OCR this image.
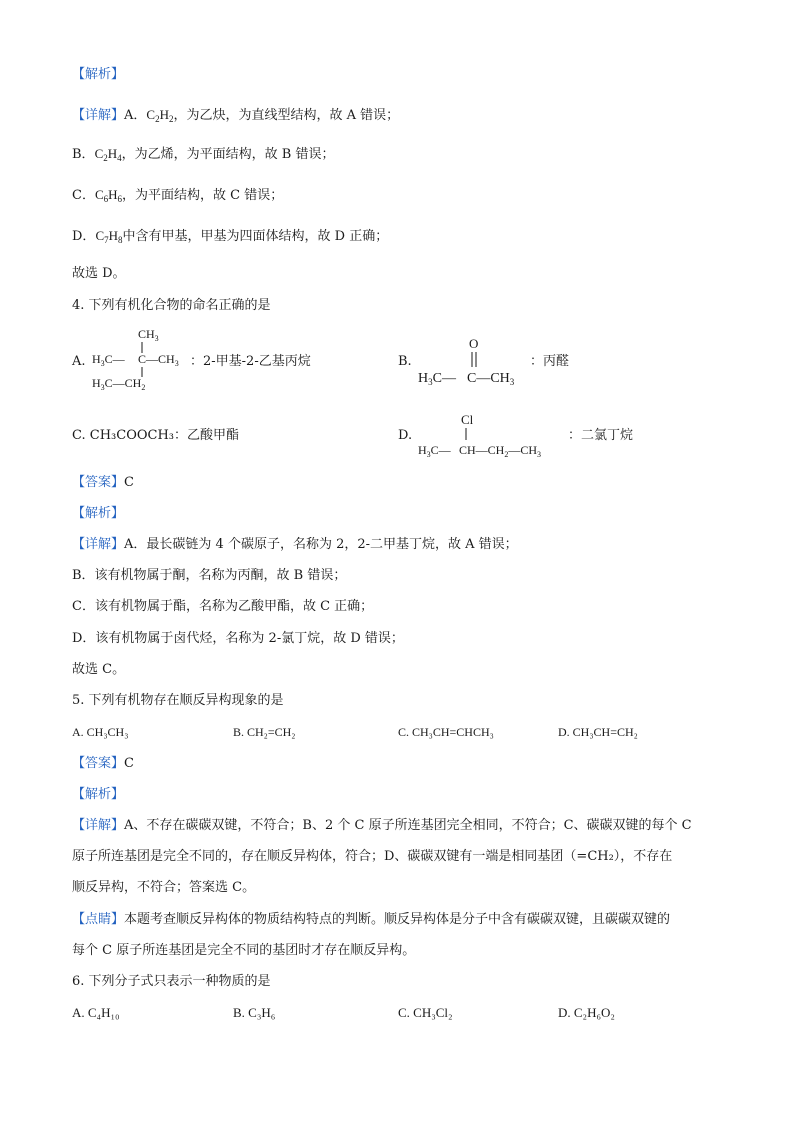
【解析】
【详解】A．$C_2H_2$，为乙炔，为直线型结构，故 A 错误；
B．$C_2H_4$，为乙烯，为平面结构，故 B 错误；
C．$C_6H_6$，为平面结构，故 C 错误；
D．$C_7H_8$中含有甲基，甲基为四面体结构，故 D 正确；
故选 D。
4. 下列有机化合物的命名正确的是
A.
$CH_3$
$H_3C—$ $C—CH_3$
$H_3C—CH_2$
：2-甲基-2-乙基丙烷	B.
O
$H_3C—$ $C—CH_3$
：丙醛
C. CH₃COOCH₃：乙酸甲酯	D.
Cl
$H_3C—$ $CH—CH_2—CH_3$
：二氯丁烷
【答案】C
【解析】
【详解】A．最长碳链为 4 个碳原子，名称为 2，2-二甲基丁烷，故 A 错误；
B．该有机物属于酮，名称为丙酮，故 B 错误；
C．该有机物属于酯，名称为乙酸甲酯，故 C 正确；
D．该有机物属于卤代烃，名称为 2-氯丁烷，故 D 错误；
故选 C。
5. 下列有机物存在顺反异构现象的是
A. CH₃CH₃	B. CH₂=CH₂	C. CH₃CH=CHCH₃	D. CH₃CH=CH₂
【答案】C
【解析】
【详解】A、不存在碳碳双键，不符合；B、2 个 C 原子所连基团完全相同，不符合；C、碳碳双键的每个 C
原子所连基团是完全不同的，存在顺反异构体，符合；D、碳碳双键有一端是相同基团（=CH₂），不存在
顺反异构，不符合；答案选 C。
【点睛】本题考查顺反异构体的物质结构特点的判断。顺反异构体是分子中含有碳碳双键，且碳碳双键的
每个 C 原子所连基团是完全不同的基团时才存在顺反异构。
6. 下列分子式只表示一种物质的是
A. C₄H₁₀	B. C₃H₆	C. CH₃Cl₂	D. C₂H₆O₂
